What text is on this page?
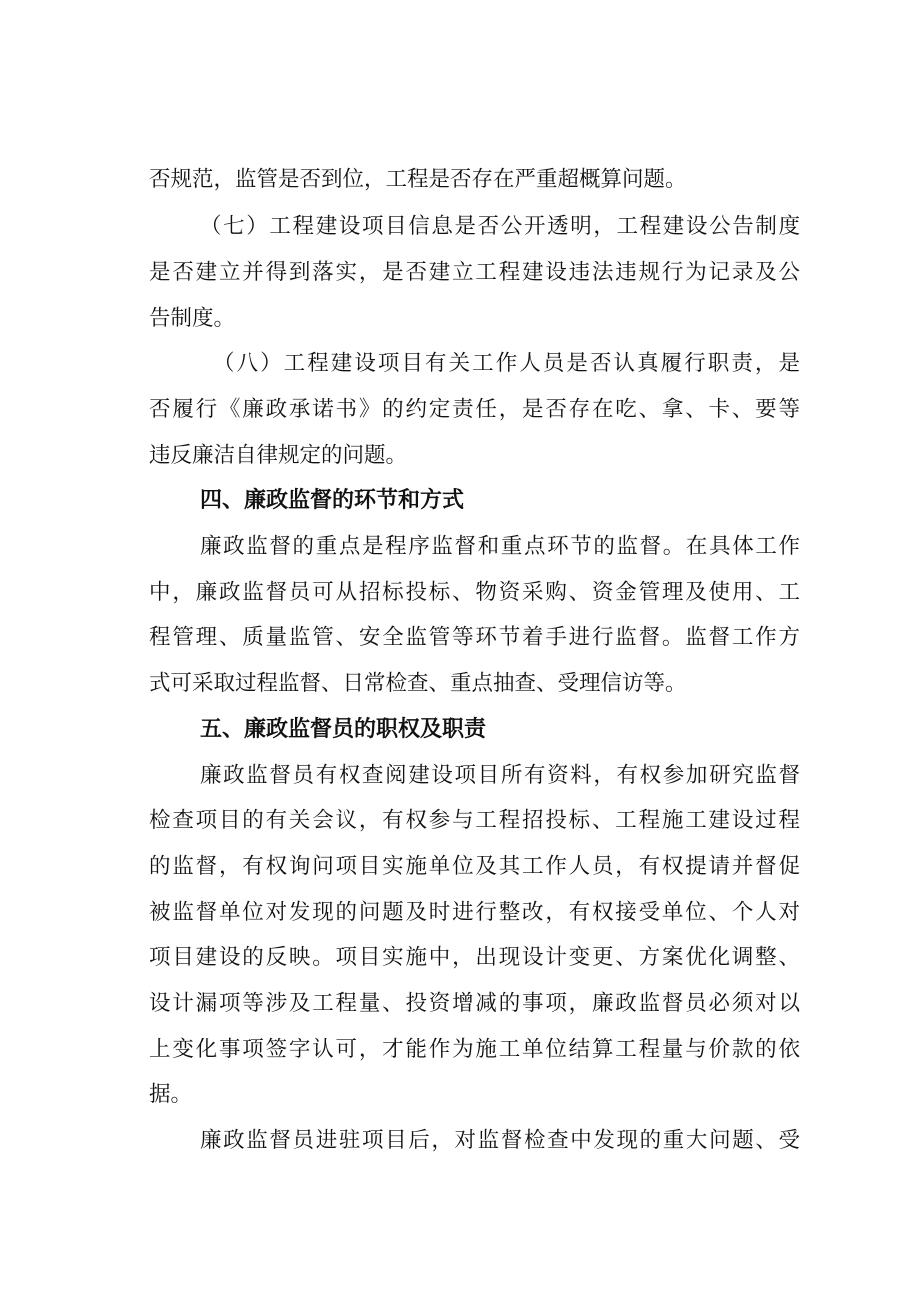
否规范，监管是否到位，工程是否存在严重超概算问题。
（七）工程建设项目信息是否公开透明，工程建设公告制度
是否建立并得到落实，是否建立工程建设违法违规行为记录及公
告制度。
（八）工程建设项目有关工作人员是否认真履行职责，是
否履行《廉政承诺书》的约定责任，是否存在吃、拿、卡、要等
违反廉洁自律规定的问题。
四、廉政监督的环节和方式
廉政监督的重点是程序监督和重点环节的监督。在具体工作
中，廉政监督员可从招标投标、物资采购、资金管理及使用、工
程管理、质量监管、安全监管等环节着手进行监督。监督工作方
式可采取过程监督、日常检查、重点抽查、受理信访等。
五、廉政监督员的职权及职责
廉政监督员有权查阅建设项目所有资料，有权参加研究监督
检查项目的有关会议，有权参与工程招投标、工程施工建设过程
的监督，有权询问项目实施单位及其工作人员，有权提请并督促
被监督单位对发现的问题及时进行整改，有权接受单位、个人对
项目建设的反映。项目实施中，出现设计变更、方案优化调整、
设计漏项等涉及工程量、投资增减的事项，廉政监督员必须对以
上变化事项签字认可，才能作为施工单位结算工程量与价款的依
据。
廉政监督员进驻项目后，对监督检查中发现的重大问题、受
